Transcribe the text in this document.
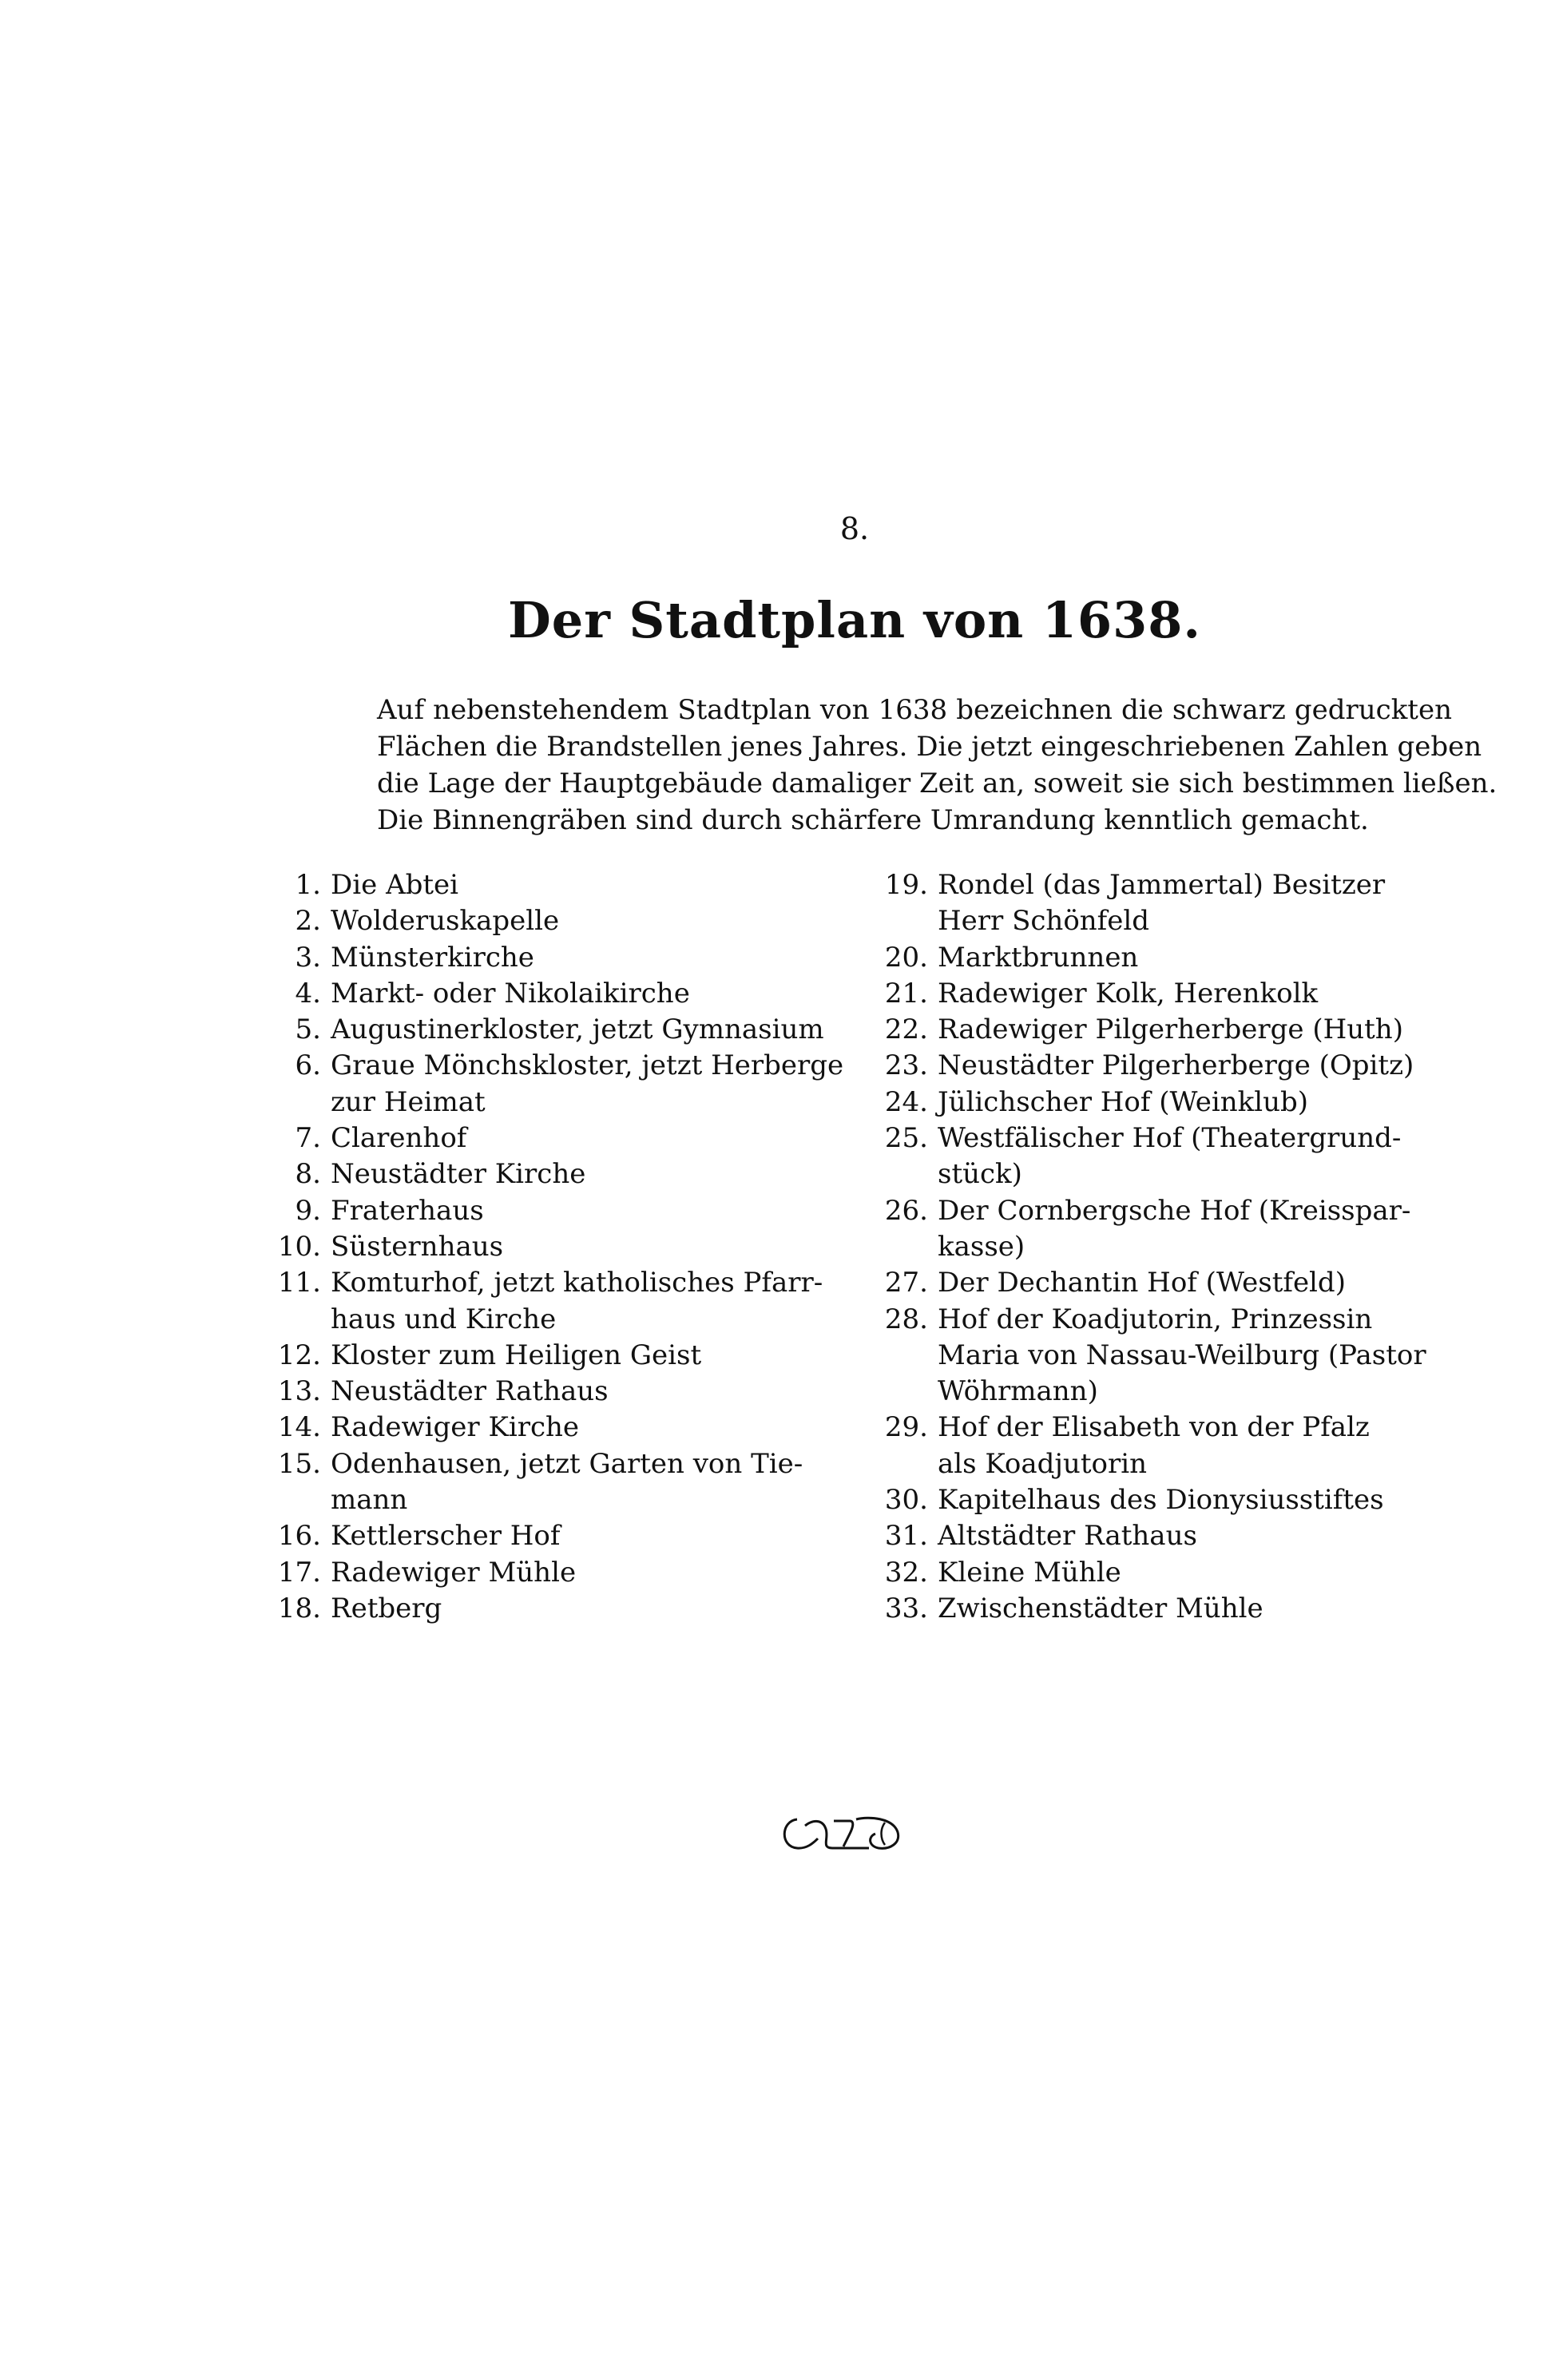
8.
Der Stadtplan von 1638.
Auf nebenstehendem Stadtplan von 1638 bezeichnen die schwarz gedruckten
Flächen die Brandstellen jenes Jahres. Die jetzt eingeschriebenen Zahlen geben
die Lage der Hauptgebäude damaliger Zeit an, soweit sie sich bestimmen ließen.
Die Binnengräben sind durch schärfere Umrandung kenntlich gemacht.
1. Die Abtei
2. Wolderuskapelle
3. Münsterkirche
4. Markt- oder Nikolaikirche
5. Augustinerkloster, jetzt Gymnasium
6. Graue Mönchskloster, jetzt Herberge
zur Heimat
7. Clarenhof
8. Neustädter Kirche
9. Fraterhaus
10. Süsternhaus
11. Komturhof, jetzt katholisches Pfarr-
haus und Kirche
12. Kloster zum Heiligen Geist
13. Neustädter Rathaus
14. Radewiger Kirche
15. Odenhausen, jetzt Garten von Tie-
mann
16. Kettlerscher Hof
17. Radewiger Mühle
18. Retberg
19. Rondel (das Jammertal) Besitzer
Herr Schönfeld
20. Marktbrunnen
21. Radewiger Kolk, Herenkolk
22. Radewiger Pilgerherberge (Huth)
23. Neustädter Pilgerherberge (Opitz)
24. Jülichscher Hof (Weinklub)
25. Westfälischer Hof (Theatergrund-
stück)
26. Der Cornbergsche Hof (Kreisspar-
kasse)
27. Der Dechantin Hof (Westfeld)
28. Hof der Koadjutorin, Prinzessin
Maria von Nassau-Weilburg (Pastor
Wöhrmann)
29. Hof der Elisabeth von der Pfalz
als Koadjutorin
30. Kapitelhaus des Dionysiusstiftes
31. Altstädter Rathaus
32. Kleine Mühle
33. Zwischenstädter Mühle
